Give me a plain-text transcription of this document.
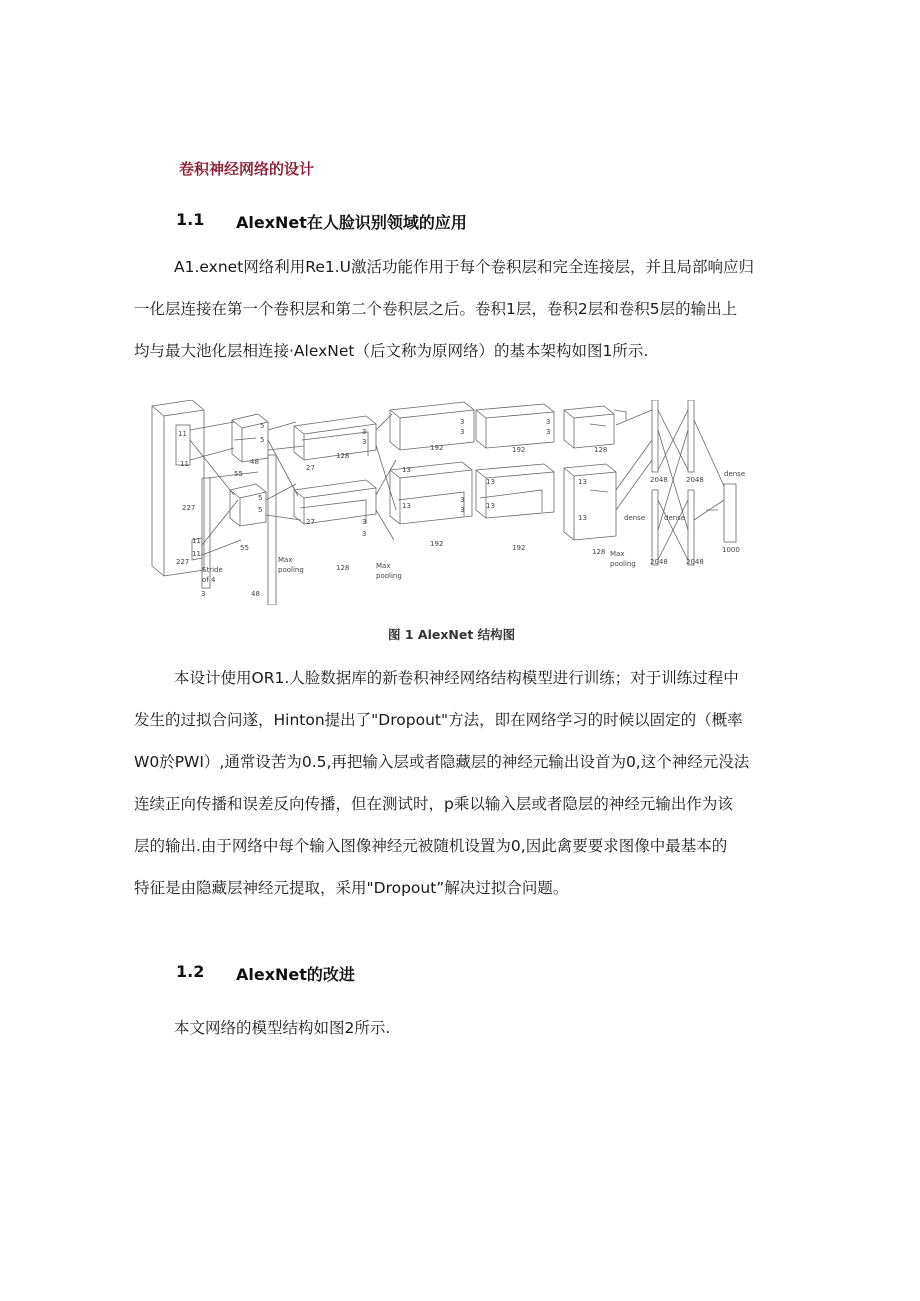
卷积神经网络的设计
1.1 AlexNet在人脸识别领域的应用
A1.exnet网络利用Re1.U激活功能作用于每个卷积层和完全连接层，并且局部响应归
一化层连接在第一个卷积层和第二个卷积层之后。卷积1层，卷积2层和卷积5层的输出上
均与最大池化层相连接·AlexNet（后文称为原网络）的基本架构如图1所示.
11
11
227
227
3
11
11
Stride
of 4
5
5
55
55
48
48
5
5
Max
pooling
3
3
27
27
128
128
3
3
Max
pooling
3
3
13
13
192
192
3
3
3
3
13
13
192
192
13
13
128
128 Max
pooling
2048
2048
2048
2048
dense	dense
dense
1000
图 1 AlexNet 结构图
本设计使用OR1.人脸数据库的新卷积神经网络结构模型进行训练；对于训练过程中
发生的过拟合问遂，Hinton提出了"Dropout"方法，即在网络学习的时候以固定的（概率
W0於PWI）,通常设苦为0.5,再把输入层或者隐藏层的神经元输出设首为0,这个神经元没法
连续正向传播和误差反向传播，但在测试时，p乘以输入层或者隐层的神经元输出作为该
层的输出.由于网络中每个输入图像神经元被随机设置为0,因此禽要要求图像中最基本的
特征是由隐藏层神经元提取，采用"Dropout”解决过拟合问题。
1.2 AlexNet的改进
本文网络的模型结构如图2所示.
